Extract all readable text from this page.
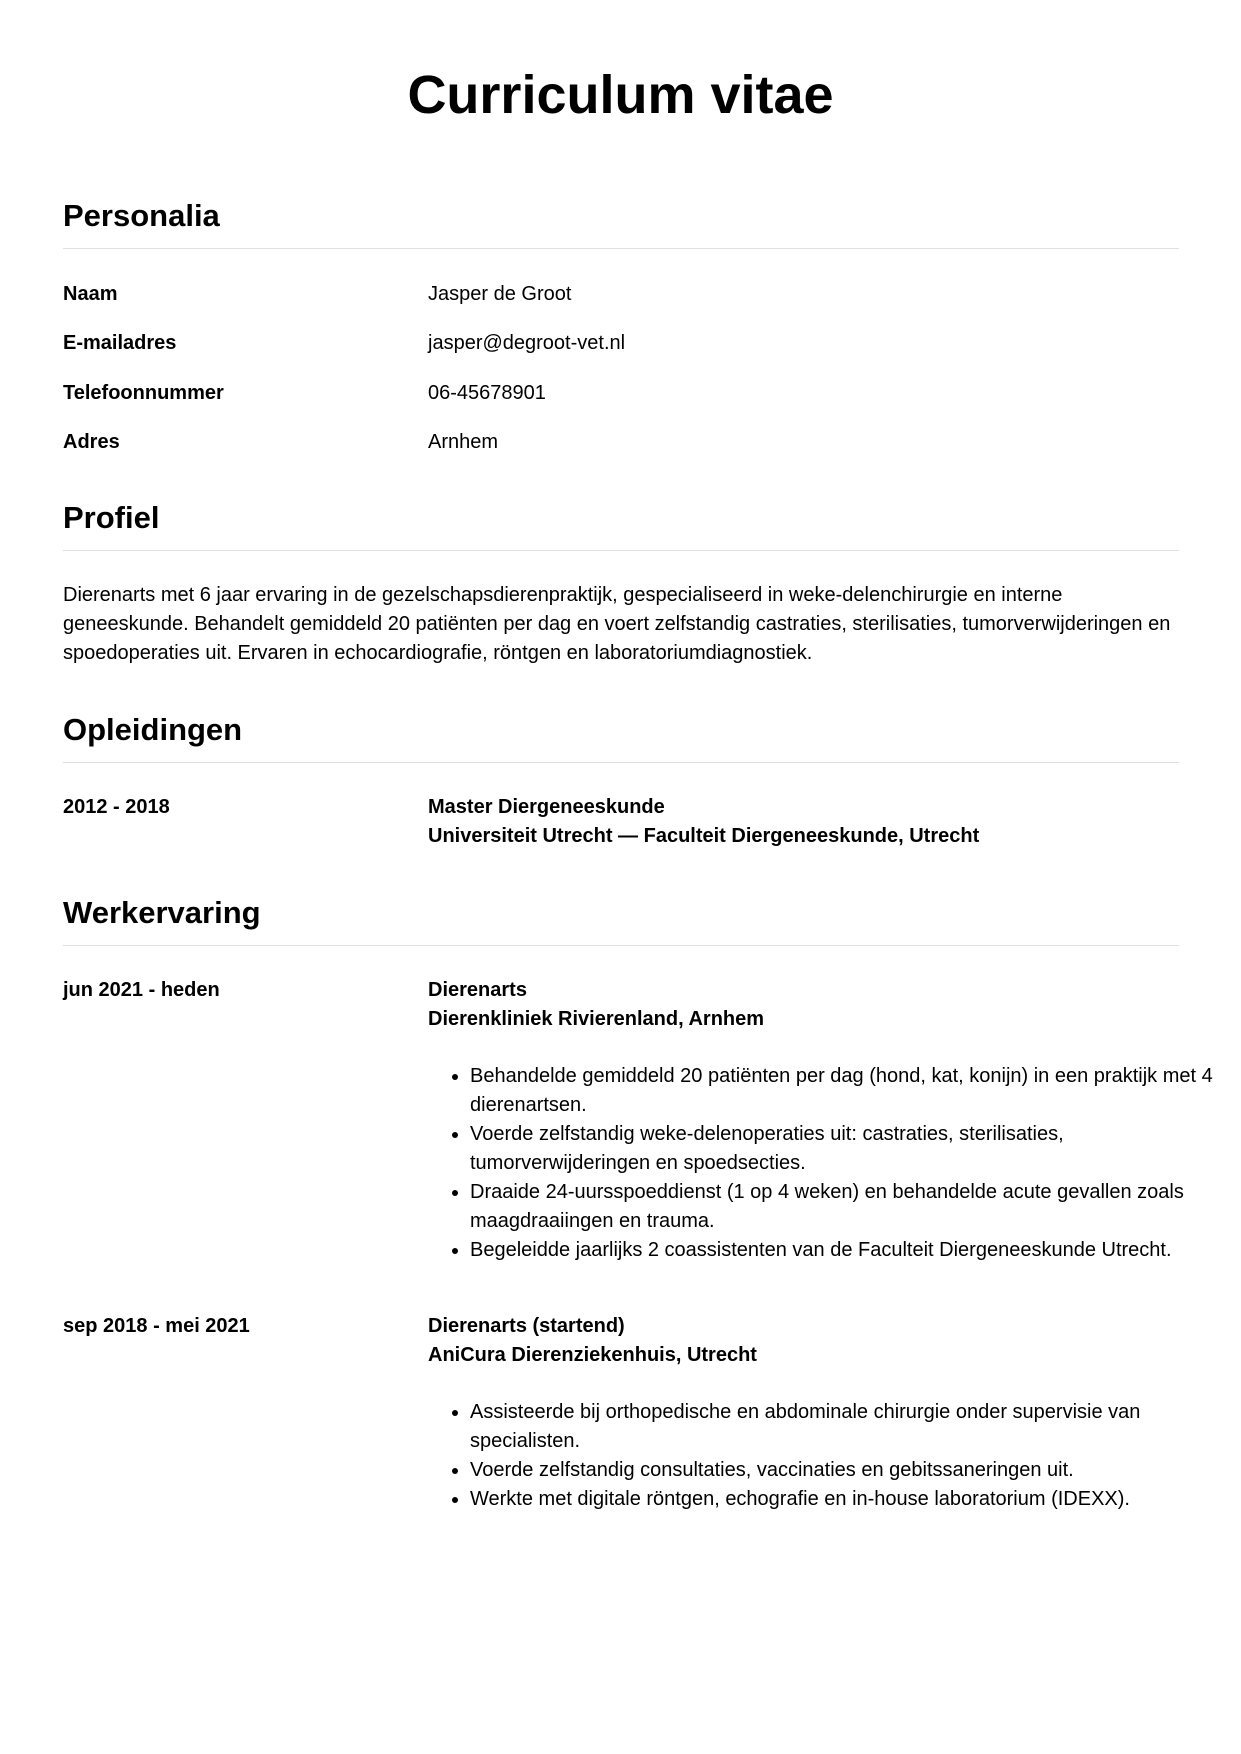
Curriculum vitae
Personalia
Naam	Jasper de Groot
E-mailadres	jasper@degroot-vet.nl
Telefoonnummer	06-45678901
Adres	Arnhem
Profiel

Dierenarts met 6 jaar ervaring in de gezelschapsdierenpraktijk, gespecialiseerd in weke-delenchirurgie en interne geneeskunde. Behandelt gemiddeld 20 patiënten per dag en voert zelfstandig castraties, sterilisaties, tumorverwijderingen en spoedoperaties uit. Ervaren in echocardiografie, röntgen en laboratoriumdiagnostiek.

Opleidingen
2012 - 2018	Master Diergeneeskunde
Universiteit Utrecht — Faculteit Diergeneeskunde, Utrecht
Werkervaring
jun 2021 - heden	Dierenarts
Dierenkliniek Rivierenland, Arnhem
• Behandelde gemiddeld 20 patiënten per dag (hond, kat, konijn) in een praktijk met 4 dierenartsen.
• Voerde zelfstandig weke-delenoperaties uit: castraties, sterilisaties, tumorverwijderingen en spoedsecties.
• Draaide 24-uursspoeddienst (1 op 4 weken) en behandelde acute gevallen zoals maagdraaiingen en trauma.
• Begeleidde jaarlijks 2 coassistenten van de Faculteit Diergeneeskunde Utrecht.
sep 2018 - mei 2021	Dierenarts (startend)
AniCura Dierenziekenhuis, Utrecht
• Assisteerde bij orthopedische en abdominale chirurgie onder supervisie van specialisten.
• Voerde zelfstandig consultaties, vaccinaties en gebitssaneringen uit.
• Werkte met digitale röntgen, echografie en in-house laboratorium (IDEXX).
